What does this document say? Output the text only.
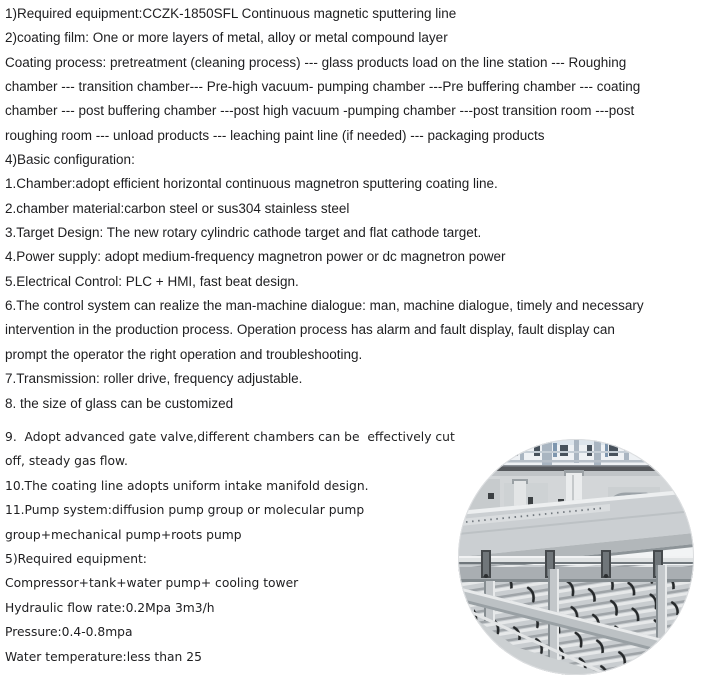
1)Required equipment:CCZK-1850SFL Continuous magnetic sputtering line
2)coating film: One or more layers of metal, alloy or metal compound layer
Coating process: pretreatment (cleaning process) --- glass products load on the line station --- Roughing
chamber --- transition chamber--- Pre-high vacuum- pumping chamber ---Pre buffering chamber --- coating
chamber --- post buffering chamber ---post high vacuum -pumping chamber ---post transition room ---post
roughing room --- unload products --- leaching paint line (if needed) --- packaging products
4)Basic configuration:
1.Chamber:adopt efficient horizontal continuous magnetron sputtering coating line.
2.chamber material:carbon steel or sus304 stainless steel
3.Target Design: The new rotary cylindric cathode target and flat cathode target.
4.Power supply: adopt medium-frequency magnetron power or dc magnetron power
5.Electrical Control: PLC + HMI, fast beat design.
6.The control system can realize the man-machine dialogue: man, machine dialogue, timely and necessary
intervention in the production process. Operation process has alarm and fault display, fault display can
prompt the operator the right operation and troubleshooting.
7.Transmission: roller drive, frequency adjustable.
8. the size of glass can be customized
9.  Adopt advanced gate valve,different chambers can be  effectively cut
off, steady gas flow.
10.The coating line adopts uniform intake manifold design.
11.Pump system:diffusion pump group or molecular pump
group+mechanical pump+roots pump
5)Required equipment:
Compressor+tank+water pump+ cooling tower
Hydraulic flow rate:0.2Mpa 3m3/h
Pressure:0.4-0.8mpa
Water temperature:less than 25
